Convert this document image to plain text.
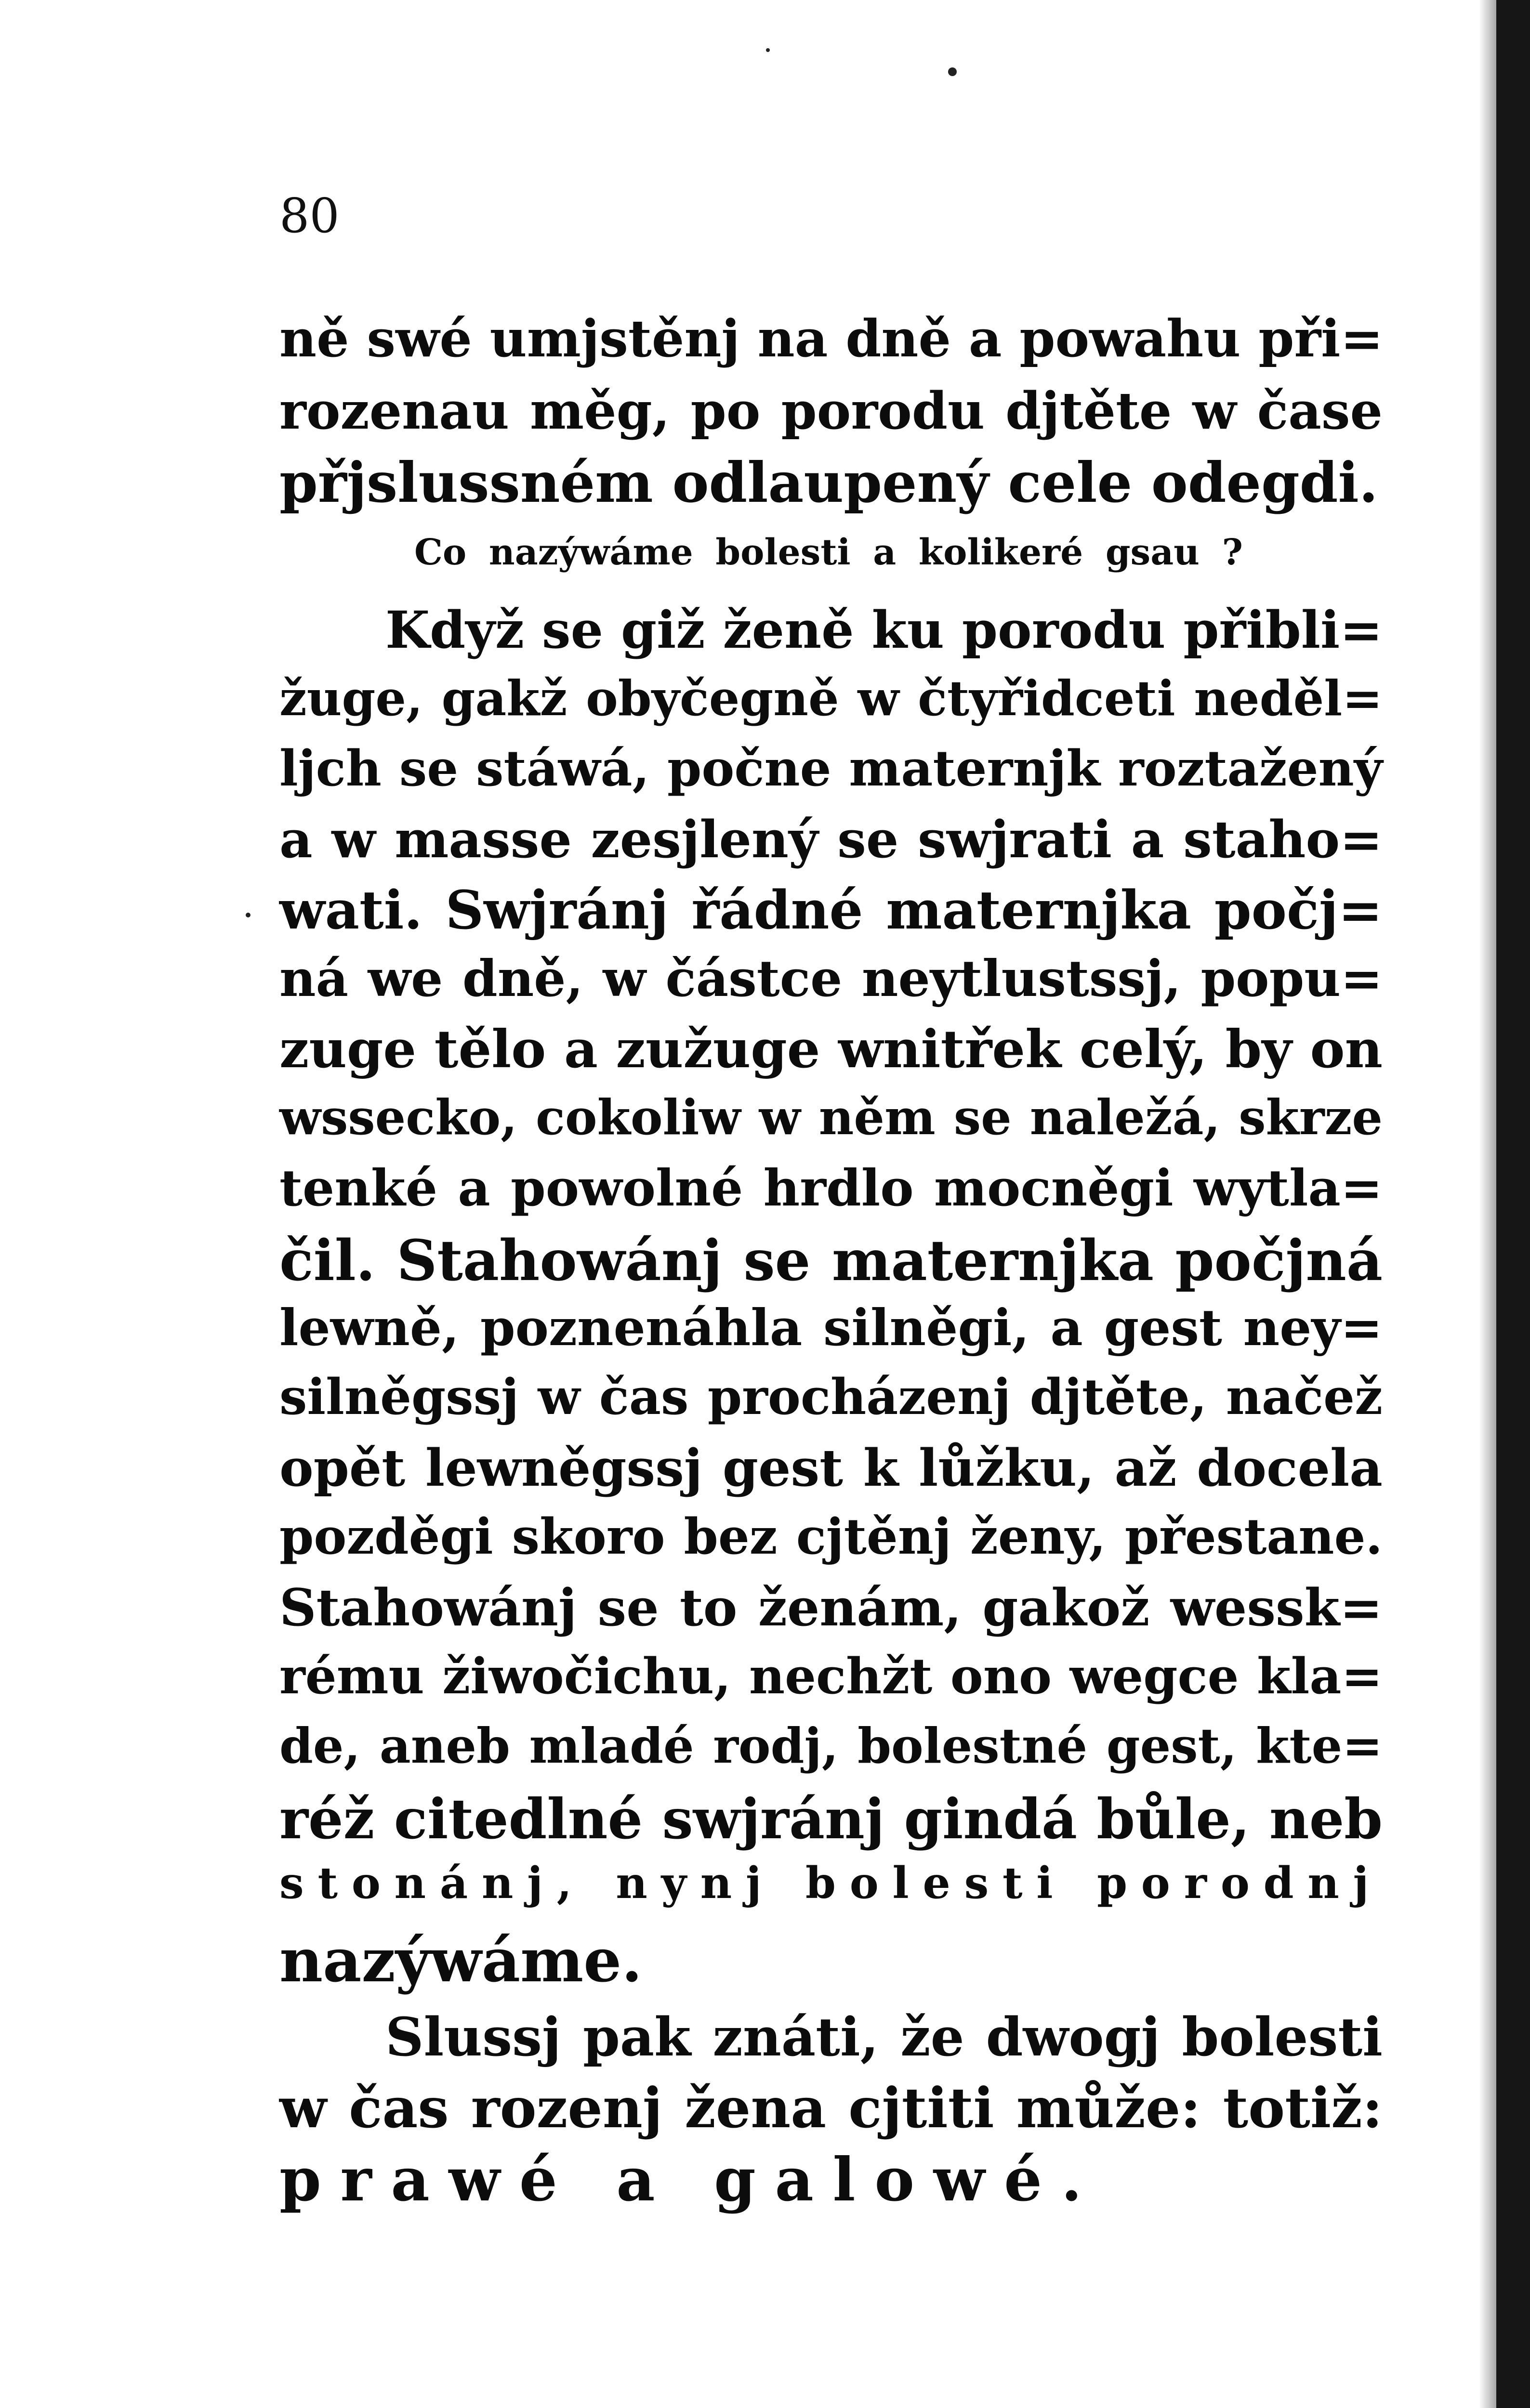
80
ně swé umjstěnj na dně a powahu při=
rozenau měg, po porodu djtěte w čase
přjslussném odlaupený cele odegdi.
Co nazýwáme bolesti a kolikeré gsau ?
Když se giž ženě ku porodu přibli=
žuge, gakž obyčegně w čtyřidceti neděl=
ljch se stáwá, počne maternjk roztažený
a w masse zesjlený se swjrati a staho=
wati. Swjránj řádné maternjka počj=
ná we dně, w částce neytlustssj, popu=
zuge tělo a zužuge wnitřek celý, by on
wssecko, cokoliw w něm se naležá, skrze
tenké a powolné hrdlo mocněgi wytla=
čil. Stahowánj se maternjka počjná
lewně, poznenáhla silněgi, a gest ney=
silněgssj w čas procházenj djtěte, načež
opět lewněgssj gest k lůžku, až docela
pozděgi skoro bez cjtěnj ženy, přestane.
Stahowánj se to ženám, gakož wessk=
rému žiwočichu, nechžt ono wegce kla=
de, aneb mladé rodj, bolestné gest, kte=
réž citedlné swjránj gindá bůle, neb
stonánj, nynj bolesti porodnj
nazýwáme.
Slussj pak znáti, že dwogj bolesti
w čas rozenj žena cjtiti může: totiž:
prawé a galowé.
